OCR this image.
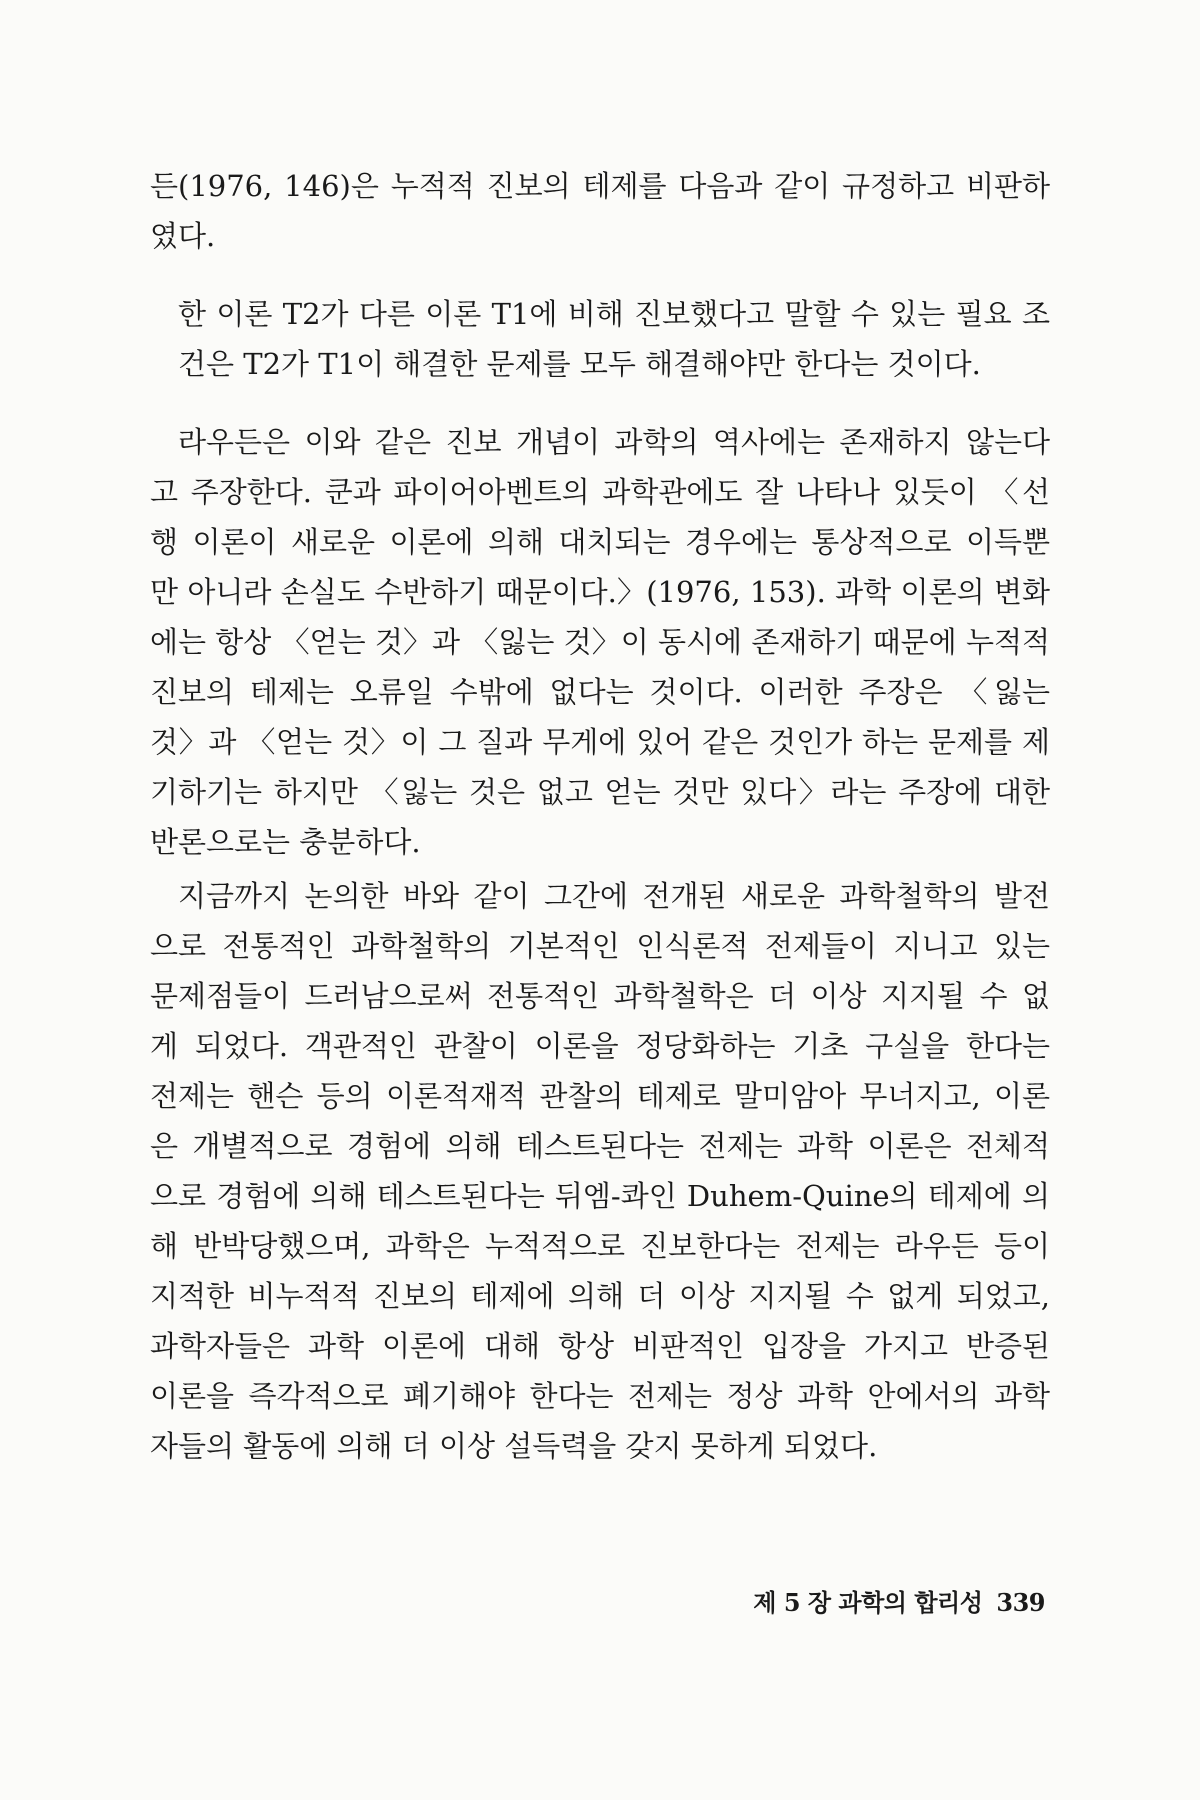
든(1976, 146)은 누적적 진보의 테제를 다음과 같이 규정하고 비판하
였다.
한 이론 T2가 다른 이론 T1에 비해 진보했다고 말할 수 있는 필요 조
건은 T2가 T1이 해결한 문제를 모두 해결해야만 한다는 것이다.
라우든은 이와 같은 진보 개념이 과학의 역사에는 존재하지 않는다
고 주장한다. 쿤과 파이어아벤트의 과학관에도 잘 나타나 있듯이 〈선
행 이론이 새로운 이론에 의해 대치되는 경우에는 통상적으로 이득뿐
만 아니라 손실도 수반하기 때문이다.〉(1976, 153). 과학 이론의 변화
에는 항상 〈얻는 것〉과 〈잃는 것〉이 동시에 존재하기 때문에 누적적
진보의 테제는 오류일 수밖에 없다는 것이다. 이러한 주장은 〈잃는
것〉과 〈얻는 것〉이 그 질과 무게에 있어 같은 것인가 하는 문제를 제
기하기는 하지만 〈잃는 것은 없고 얻는 것만 있다〉라는 주장에 대한
반론으로는 충분하다.
지금까지 논의한 바와 같이 그간에 전개된 새로운 과학철학의 발전
으로 전통적인 과학철학의 기본적인 인식론적 전제들이 지니고 있는
문제점들이 드러남으로써 전통적인 과학철학은 더 이상 지지될 수 없
게 되었다. 객관적인 관찰이 이론을 정당화하는 기초 구실을 한다는
전제는 핸슨 등의 이론적재적 관찰의 테제로 말미암아 무너지고, 이론
은 개별적으로 경험에 의해 테스트된다는 전제는 과학 이론은 전체적
으로 경험에 의해 테스트된다는 뒤엠-콰인 Duhem-Quine의 테제에 의
해 반박당했으며, 과학은 누적적으로 진보한다는 전제는 라우든 등이
지적한 비누적적 진보의 테제에 의해 더 이상 지지될 수 없게 되었고,
과학자들은 과학 이론에 대해 항상 비판적인 입장을 가지고 반증된
이론을 즉각적으로 폐기해야 한다는 전제는 정상 과학 안에서의 과학
자들의 활동에 의해 더 이상 설득력을 갖지 못하게 되었다.
제 5 장 과학의 합리성 339
